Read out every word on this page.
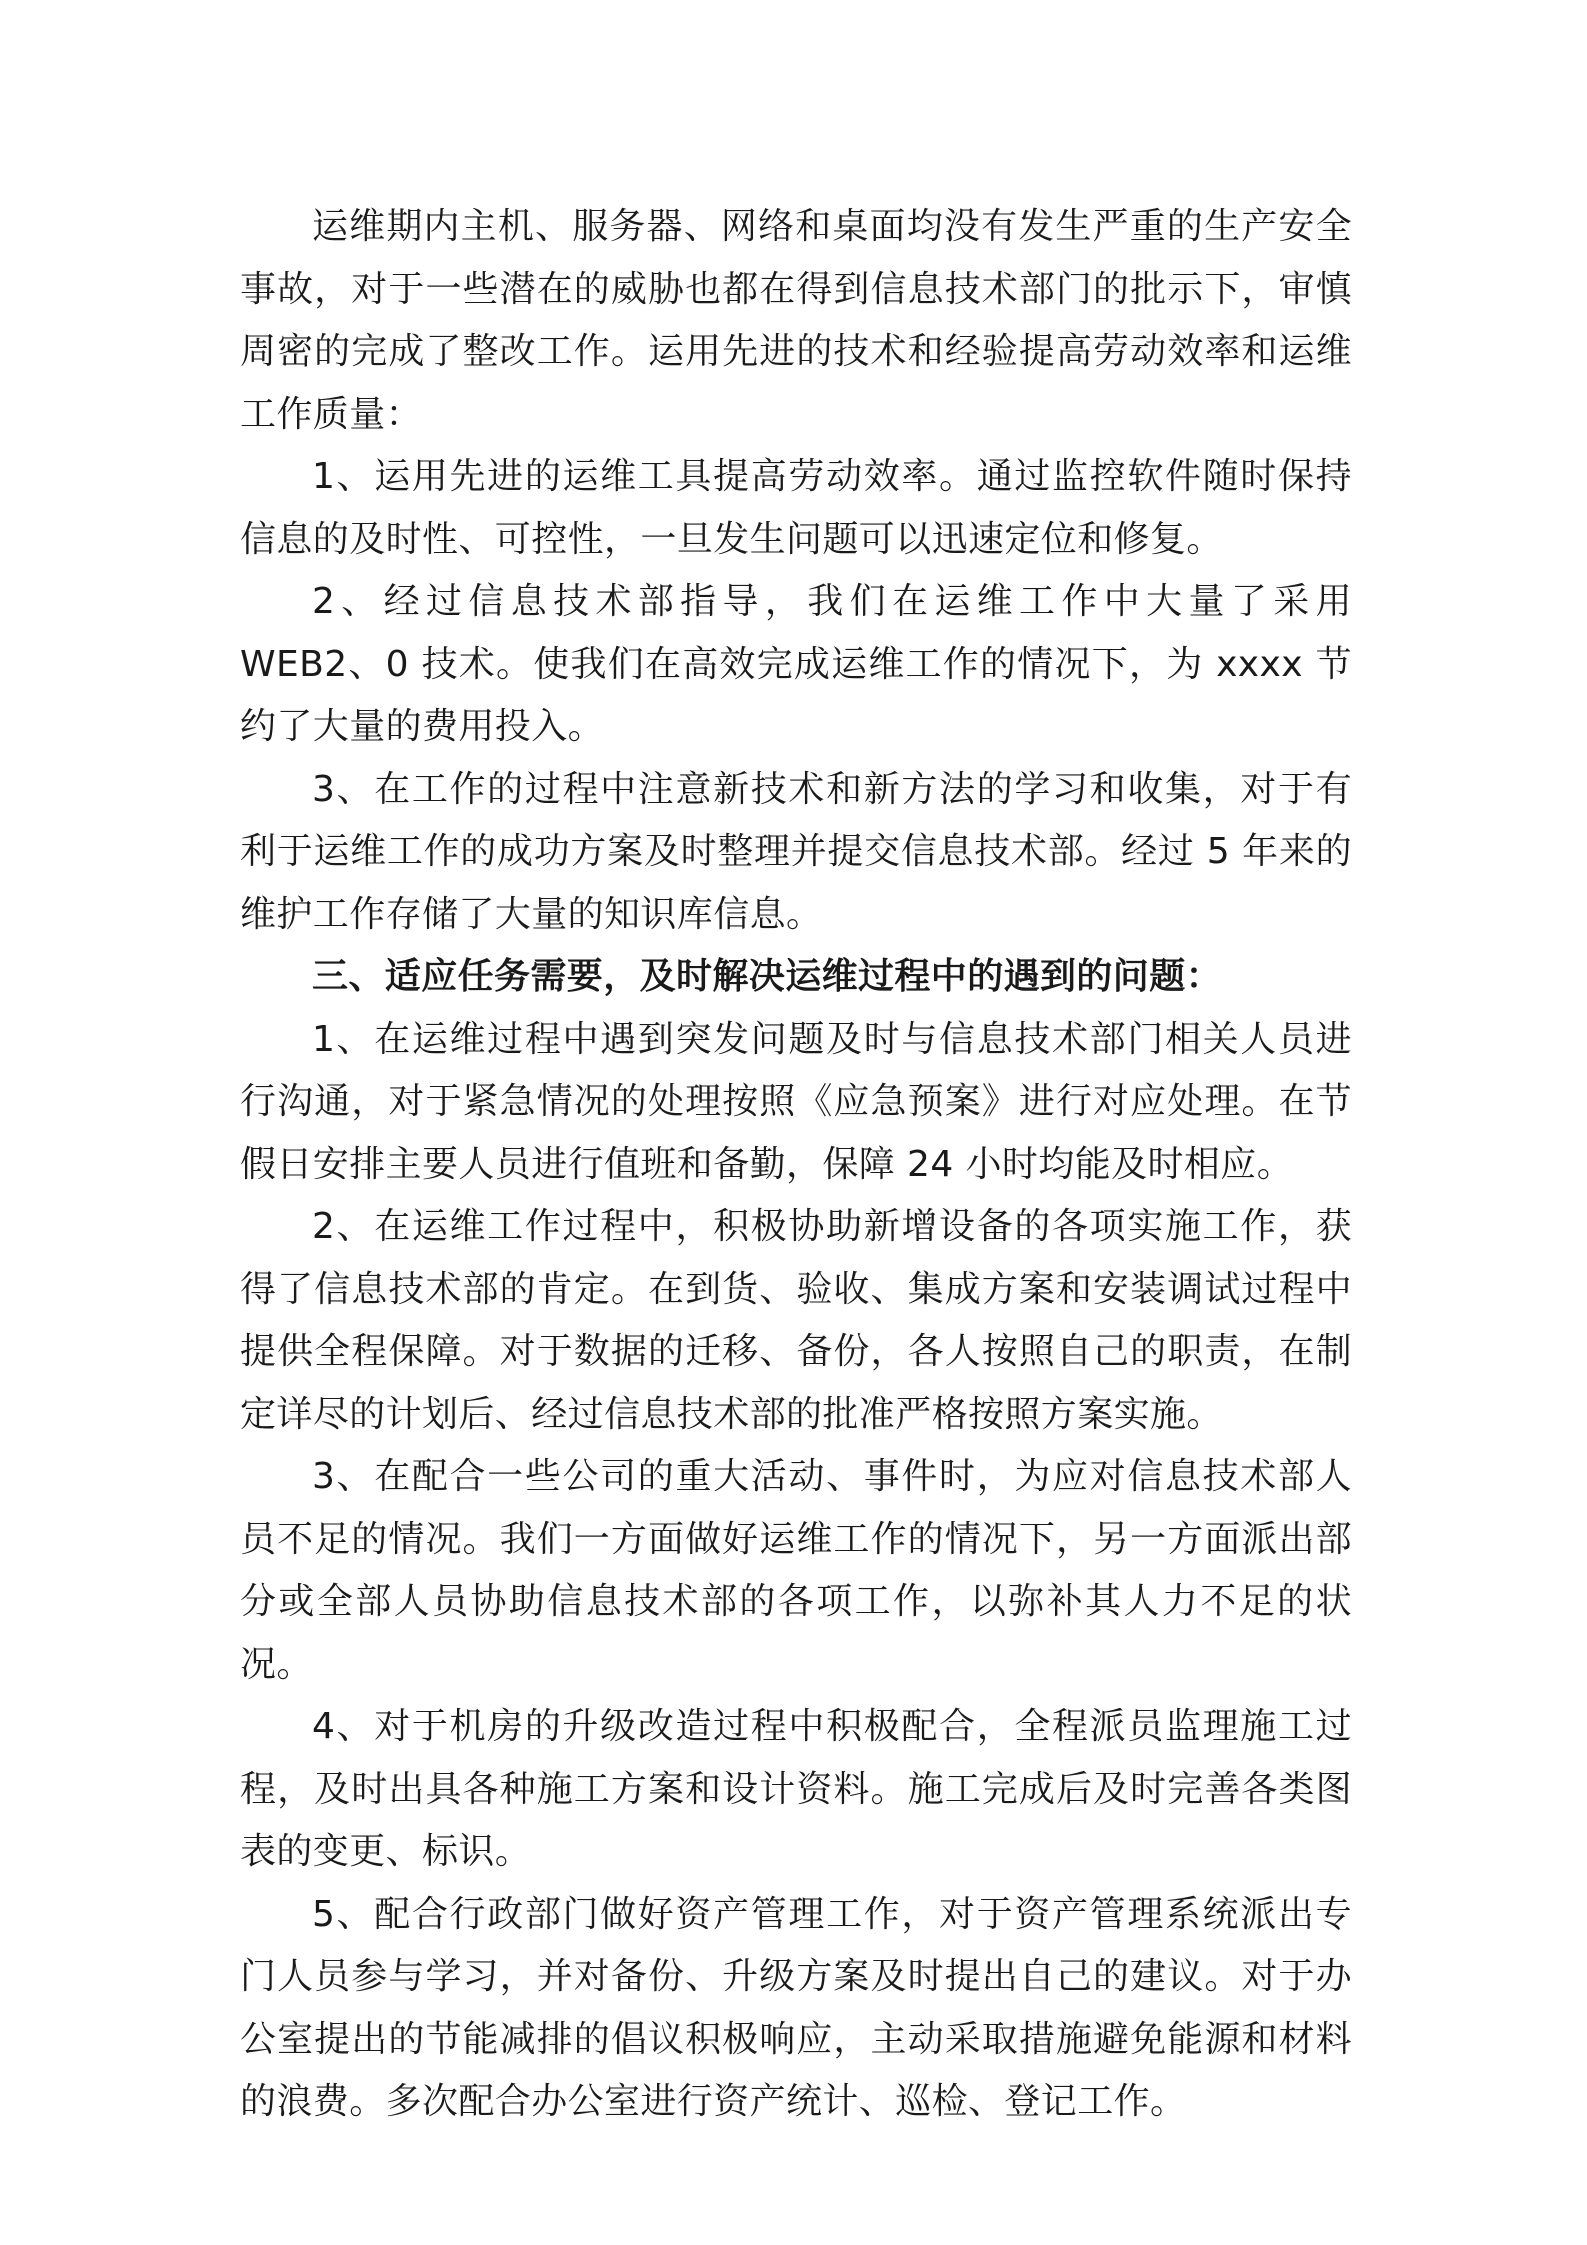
运维期内主机、服务器、网络和桌面均没有发生严重的生产安全事故，对于一些潜在的威胁也都在得到信息技术部门的批示下，审慎周密的完成了整改工作。运用先进的技术和经验提高劳动效率和运维工作质量：

1、运用先进的运维工具提高劳动效率。通过监控软件随时保持信息的及时性、可控性，一旦发生问题可以迅速定位和修复。

2、经过信息技术部指导，我们在运维工作中大量了采用 WEB2、0 技术。使我们在高效完成运维工作的情况下，为 xxxx 节约了大量的费用投入。

3、在工作的过程中注意新技术和新方法的学习和收集，对于有利于运维工作的成功方案及时整理并提交信息技术部。经过 5 年来的维护工作存储了大量的知识库信息。

三、适应任务需要，及时解决运维过程中的遇到的问题：

1、在运维过程中遇到突发问题及时与信息技术部门相关人员进行沟通，对于紧急情况的处理按照《应急预案》进行对应处理。在节假日安排主要人员进行值班和备勤，保障 24 小时均能及时相应。

2、在运维工作过程中，积极协助新增设备的各项实施工作，获得了信息技术部的肯定。在到货、验收、集成方案和安装调试过程中提供全程保障。对于数据的迁移、备份，各人按照自己的职责，在制定详尽的计划后、经过信息技术部的批准严格按照方案实施。

3、在配合一些公司的重大活动、事件时，为应对信息技术部人员不足的情况。我们一方面做好运维工作的情况下，另一方面派出部分或全部人员协助信息技术部的各项工作，以弥补其人力不足的状况。

4、对于机房的升级改造过程中积极配合，全程派员监理施工过程，及时出具各种施工方案和设计资料。施工完成后及时完善各类图表的变更、标识。

5、配合行政部门做好资产管理工作，对于资产管理系统派出专门人员参与学习，并对备份、升级方案及时提出自己的建议。对于办公室提出的节能减排的倡议积极响应，主动采取措施避免能源和材料的浪费。多次配合办公室进行资产统计、巡检、登记工作。
